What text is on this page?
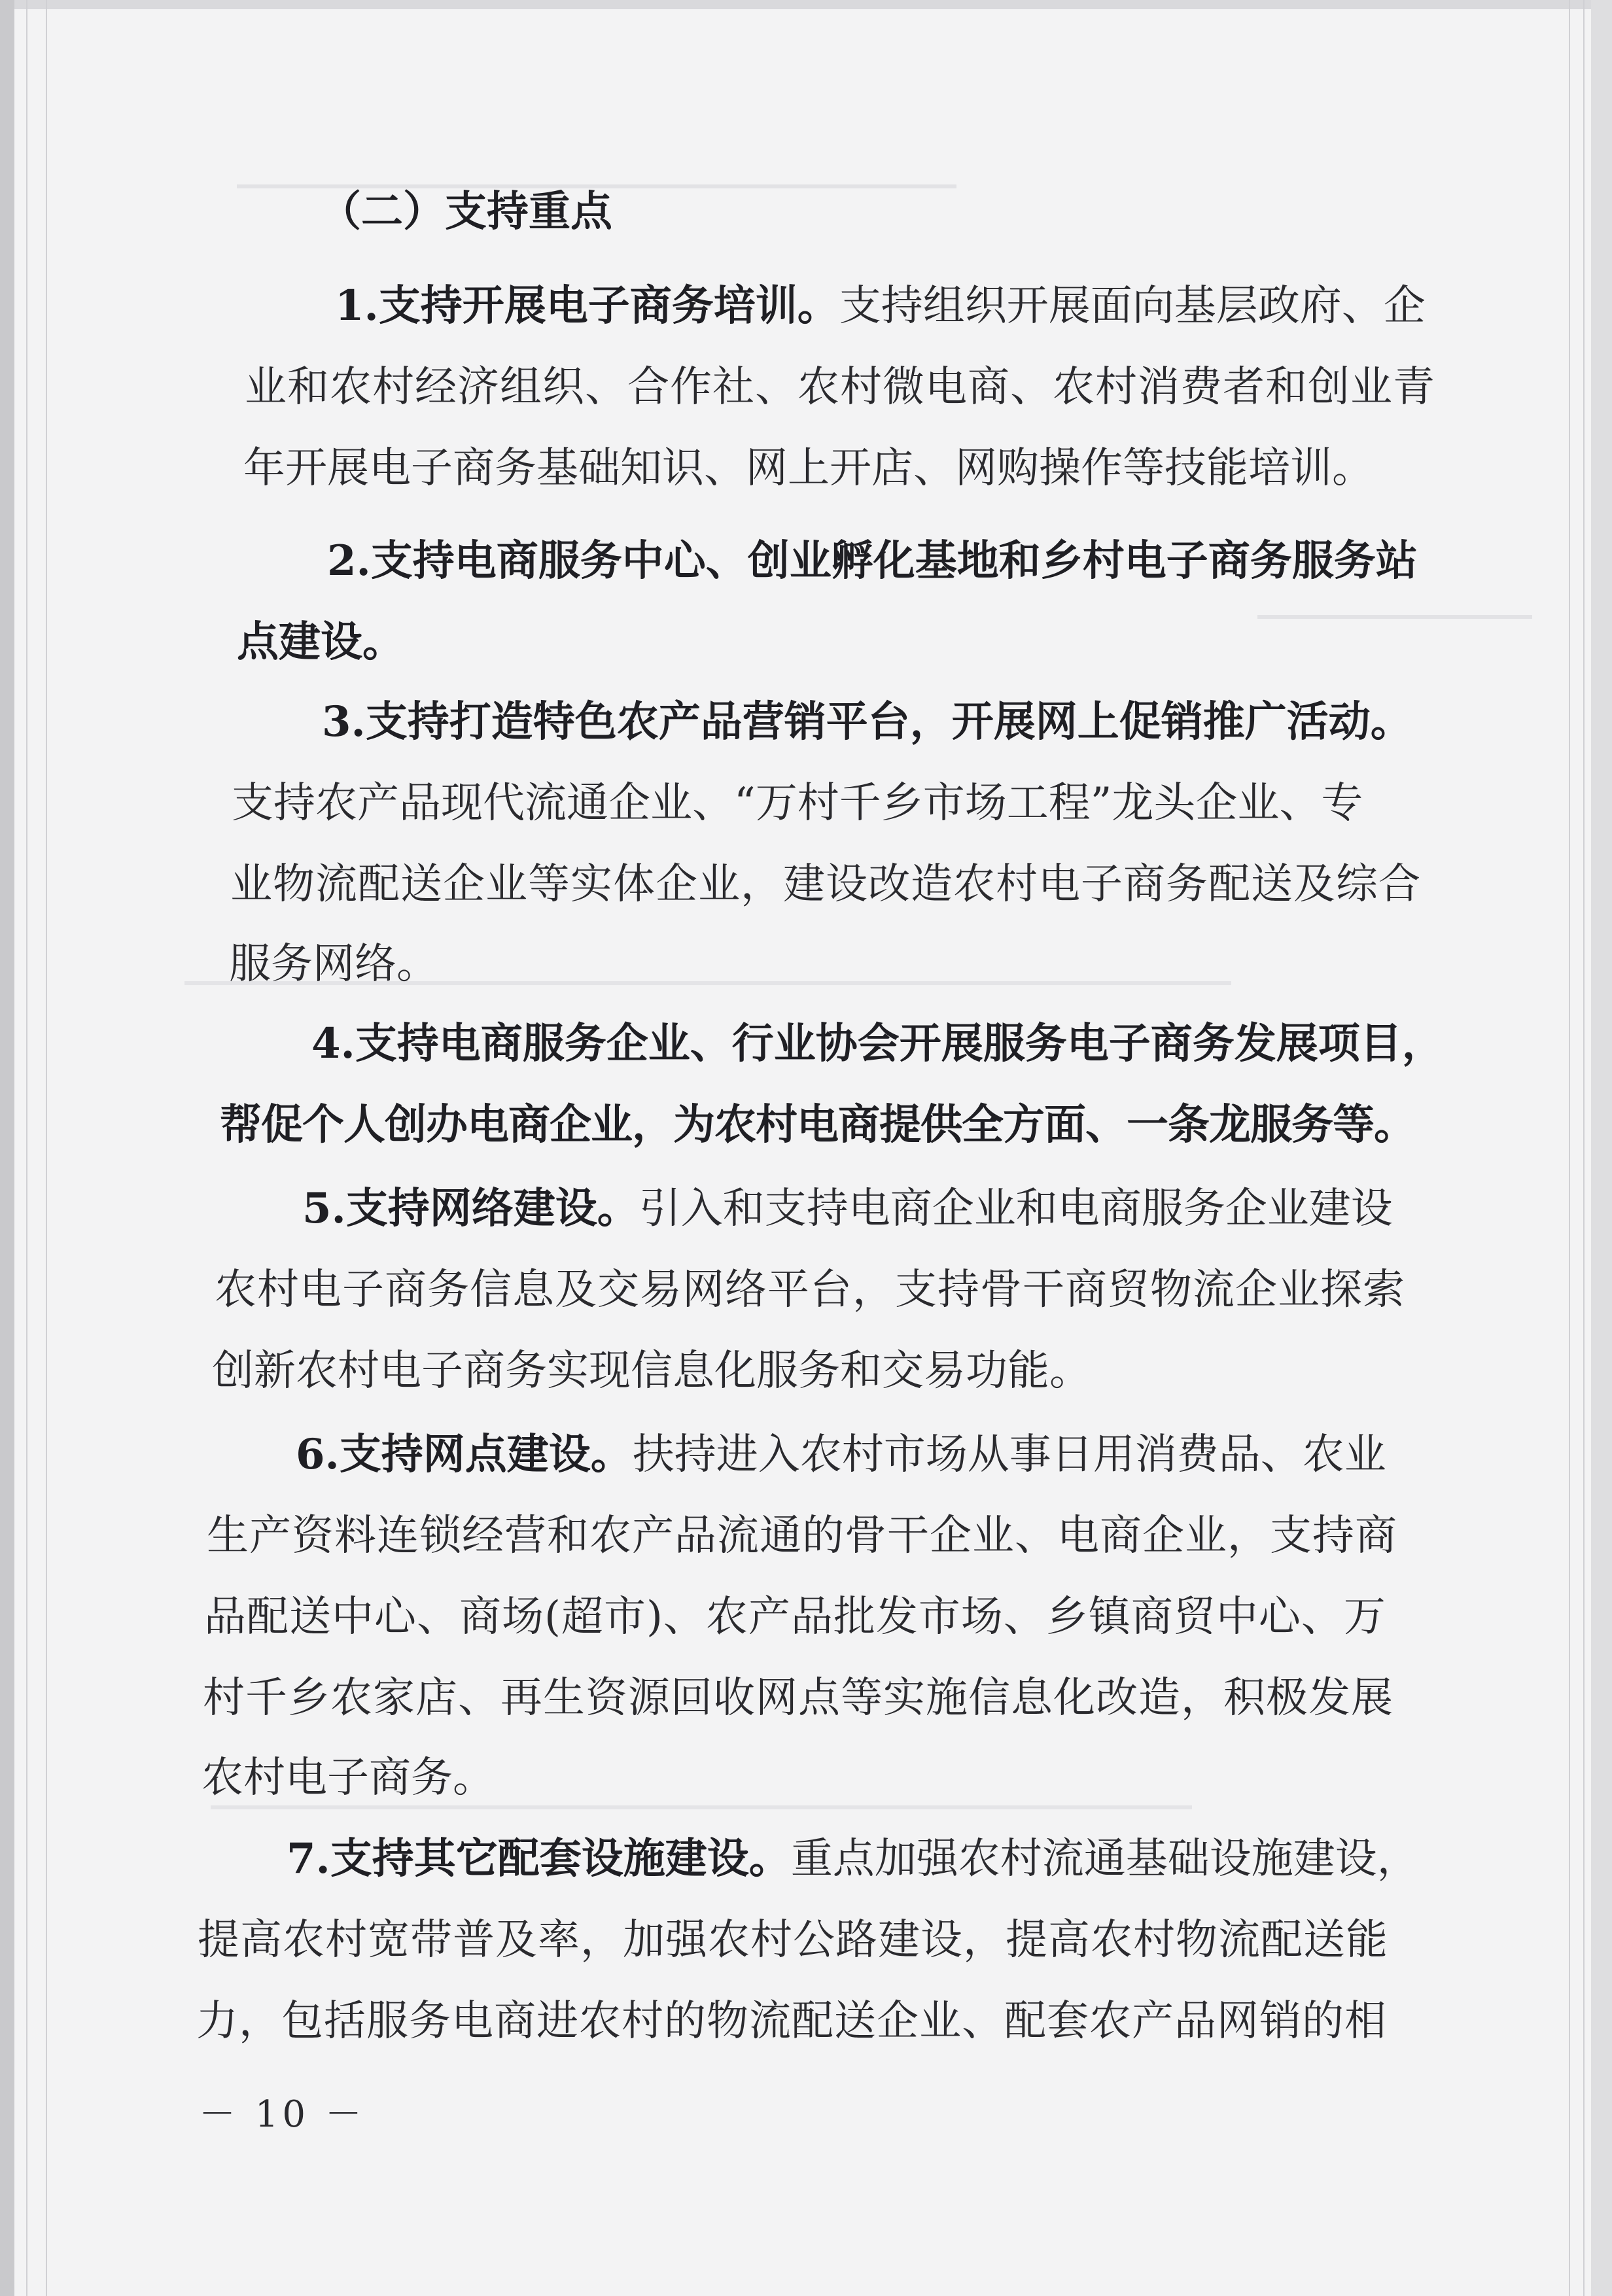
（二）支持重点
1.支持开展电子商务培训。支持组织开展面向基层政府、企
业和农村经济组织、合作社、农村微电商、农村消费者和创业青
年开展电子商务基础知识、网上开店、网购操作等技能培训。
2.支持电商服务中心、创业孵化基地和乡村电子商务服务站
点建设。
3.支持打造特色农产品营销平台，开展网上促销推广活动。
支持农产品现代流通企业、“万村千乡市场工程”龙头企业、专
业物流配送企业等实体企业，建设改造农村电子商务配送及综合
服务网络。
4.支持电商服务企业、行业协会开展服务电子商务发展项目，
帮促个人创办电商企业，为农村电商提供全方面、一条龙服务等。
5.支持网络建设。引入和支持电商企业和电商服务企业建设
农村电子商务信息及交易网络平台，支持骨干商贸物流企业探索
创新农村电子商务实现信息化服务和交易功能。
6.支持网点建设。扶持进入农村市场从事日用消费品、农业
生产资料连锁经营和农产品流通的骨干企业、电商企业，支持商
品配送中心、商场(超市)、农产品批发市场、乡镇商贸中心、万
村千乡农家店、再生资源回收网点等实施信息化改造，积极发展
农村电子商务。
7.支持其它配套设施建设。重点加强农村流通基础设施建设，
提高农村宽带普及率，加强农村公路建设，提高农村物流配送能
力，包括服务电商进农村的物流配送企业、配套农产品网销的相
－ 10 －
